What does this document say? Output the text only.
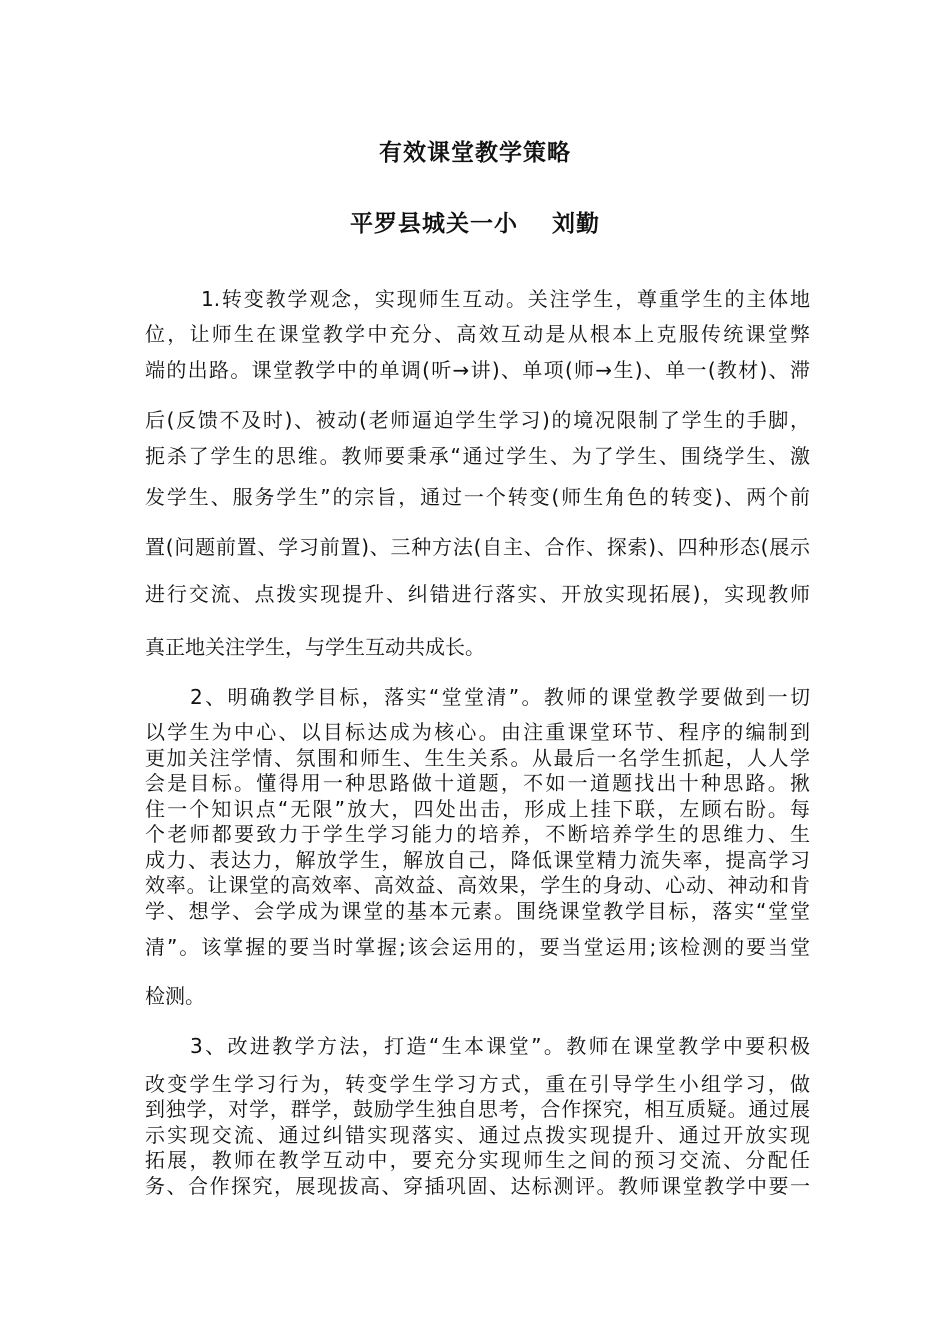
有效课堂教学策略
平罗县城关一小 刘勤

1.转变教学观念，实现师生互动。关注学生，尊重学生的主体地

位，让师生在课堂教学中充分、高效互动是从根本上克服传统课堂弊

端的出路。课堂教学中的单调(听→讲)、单项(师→生)、单一(教材)、滞

后(反馈不及时)、被动(老师逼迫学生学习)的境况限制了学生的手脚，

扼杀了学生的思维。教师要秉承“通过学生、为了学生、围绕学生、激

发学生、服务学生”的宗旨，通过一个转变(师生角色的转变)、两个前

置(问题前置、学习前置)、三种方法(自主、合作、探索)、四种形态(展示

进行交流、点拨实现提升、纠错进行落实、开放实现拓展)，实现教师

真正地关注学生，与学生互动共成长。

2、明确教学目标，落实“堂堂清”。教师的课堂教学要做到一切

以学生为中心、以目标达成为核心。由注重课堂环节、程序的编制到

更加关注学情、氛围和师生、生生关系。从最后一名学生抓起，人人学

会是目标。懂得用一种思路做十道题，不如一道题找出十种思路。揪

住一个知识点“无限”放大，四处出击，形成上挂下联，左顾右盼。每

个老师都要致力于学生学习能力的培养，不断培养学生的思维力、生

成力、表达力，解放学生，解放自己，降低课堂精力流失率，提高学习

效率。让课堂的高效率、高效益、高效果，学生的身动、心动、神动和肯

学、想学、会学成为课堂的基本元素。围绕课堂教学目标，落实“堂堂

清”。该掌握的要当时掌握;该会运用的，要当堂运用;该检测的要当堂

检测。

3、改进教学方法，打造“生本课堂”。教师在课堂教学中要积极

改变学生学习行为，转变学生学习方式，重在引导学生小组学习，做

到独学，对学，群学，鼓励学生独自思考，合作探究，相互质疑。通过展

示实现交流、通过纠错实现落实、通过点拨实现提升、通过开放实现

拓展，教师在教学互动中，要充分实现师生之间的预习交流、分配任

务、合作探究，展现拔高、穿插巩固、达标测评。教师课堂教学中要一
